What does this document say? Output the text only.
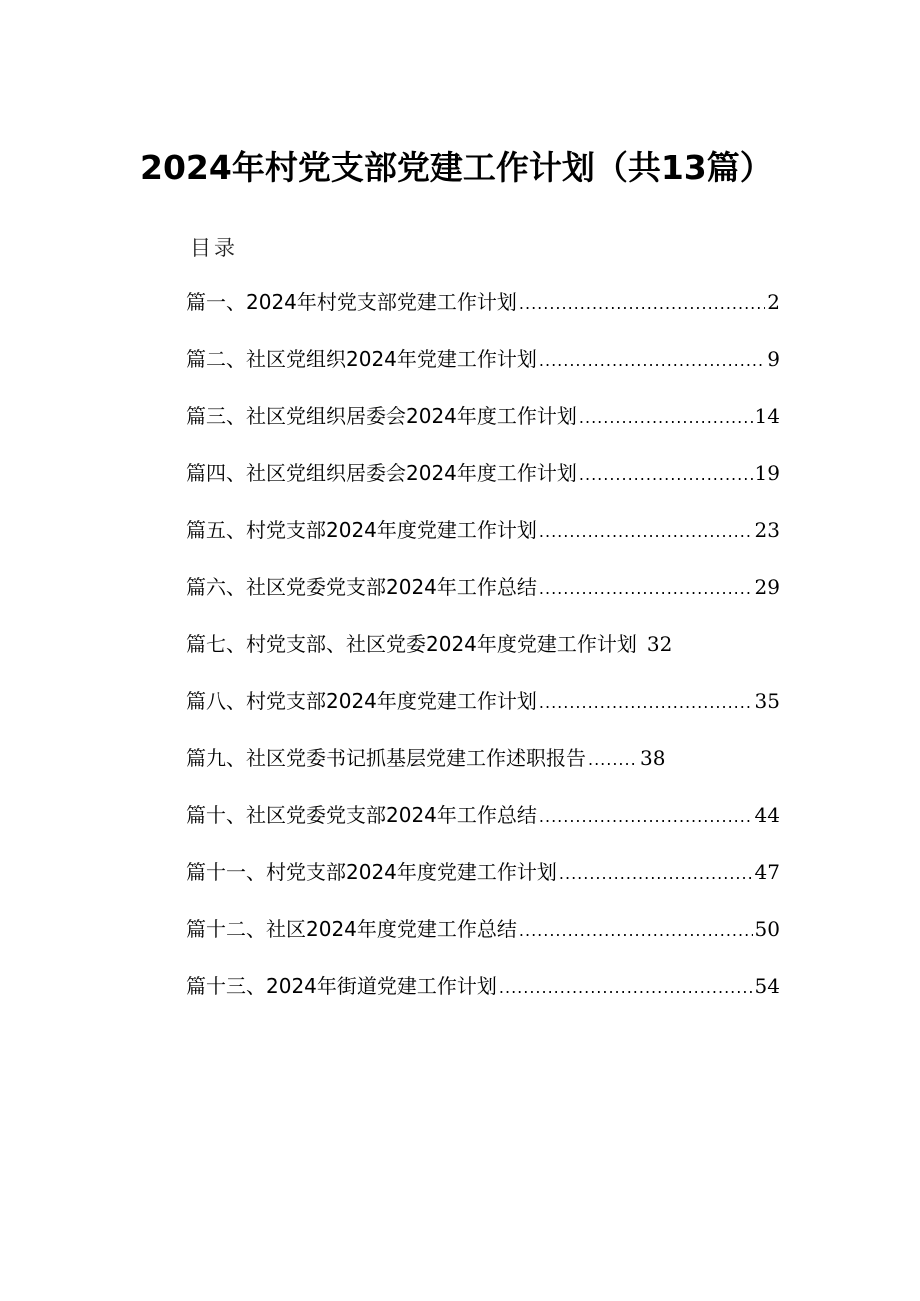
2024年村党支部党建工作计划（共13篇）
目录
篇一、2024年村党支部党建工作计划 .....	2
篇二、社区党组织2024年党建工作计划 .....	9
篇三、社区党组织居委会2024年度工作计划 .....	14
篇四、社区党组织居委会2024年度工作计划 .....	19
篇五、村党支部2024年度党建工作计划 .....	23
篇六、社区党委党支部2024年工作总结 .....	29
篇七、村党支部、社区党委2024年度党建工作计划 32
篇八、村党支部2024年度党建工作计划 .....	35
篇九、社区党委书记抓基层党建工作述职报告 .....	38
篇十、社区党委党支部2024年工作总结 .....	44
篇十一、村党支部2024年度党建工作计划 .....	47
篇十二、社区2024年度党建工作总结 .....	50
篇十三、2024年街道党建工作计划 .....	54
